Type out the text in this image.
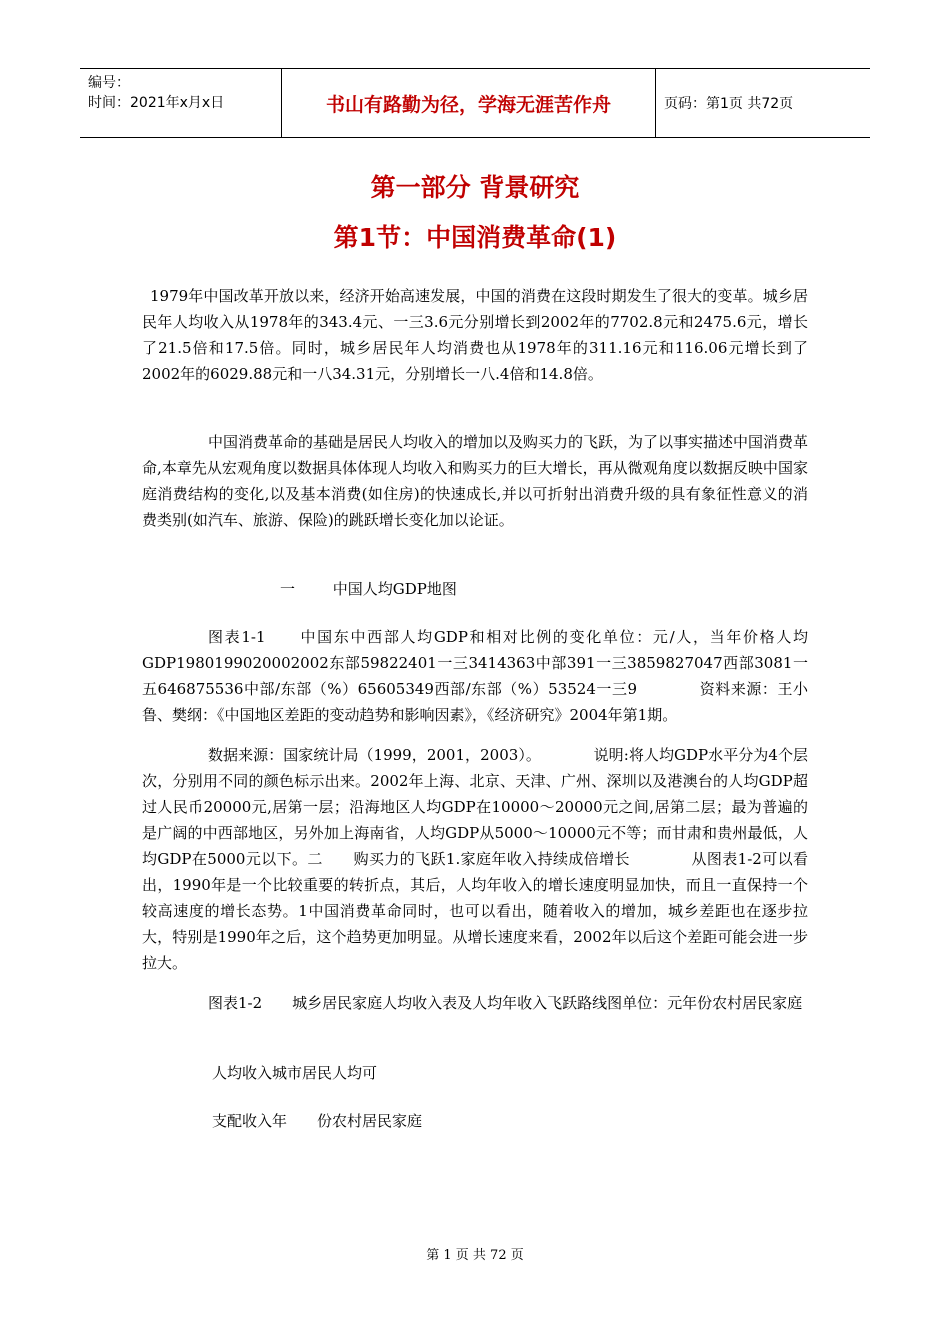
编号：
时间：2021年x月x日	书山有路勤为径，学海无涯苦作舟	页码：第1页 共72页
第一部分 背景研究
第1节：中国消费革命(1)
1979年中国改革开放以来，经济开始高速发展，中国的消费在这段时期发生了很大的变革。城乡居民年人均收入从1978年的343.4元、一三3.6元分别增长到2002年的7702.8元和2475.6元，增长了21.5倍和17.5倍。同时，城乡居民年人均消费也从1978年的311.16元和116.06元增长到了2002年的6029.88元和一八34.31元，分别增长一八.4倍和14.8倍。
中国消费革命的基础是居民人均收入的增加以及购买力的飞跃，为了以事实描述中国消费革命,本章先从宏观角度以数据具体体现人均收入和购买力的巨大增长，再从微观角度以数据反映中国家庭消费结构的变化,以及基本消费(如住房)的快速成长,并以可折射出消费升级的具有象征性意义的消费类别(如汽车、旅游、保险)的跳跃增长变化加以论证。
一	中国人均GDP地图
图表1-1　　中国东中西部人均GDP和相对比例的变化单位：元/人，当年价格人均GDP1980199020002002东部59822401一三3414363中部391一三3859827047西部3081一五646875536中部/东部（%）65605349西部/东部（%）53524一三9　　　　资料来源：王小鲁、樊纲：《中国地区差距的变动趋势和影响因素》，《经济研究》2004年第1期。
数据来源：国家统计局（1999，2001，2003）。　　　　说明:将人均GDP水平分为4个层次，分别用不同的颜色标示出来。2002年上海、北京、天津、广州、深圳以及港澳台的人均GDP超过人民币20000元,居第一层；沿海地区人均GDP在10000～20000元之间,居第二层；最为普遍的是广阔的中西部地区，另外加上海南省，人均GDP从5000～10000元不等；而甘肃和贵州最低，人均GDP在5000元以下。二　　购买力的飞跃1.家庭年收入持续成倍增长　　　　从图表1-2可以看出，1990年是一个比较重要的转折点，其后，人均年收入的增长速度明显加快，而且一直保持一个较高速度的增长态势。1中国消费革命同时，也可以看出，随着收入的增加，城乡差距也在逐步拉大，特别是1990年之后，这个趋势更加明显。从增长速度来看，2002年以后这个差距可能会进一步拉大。
图表1-2　　城乡居民家庭人均收入表及人均年收入飞跃路线图单位：元年份农村居民家庭
人均收入城市居民人均可
支配收入年　　份农村居民家庭
第 1 页 共 72 页
